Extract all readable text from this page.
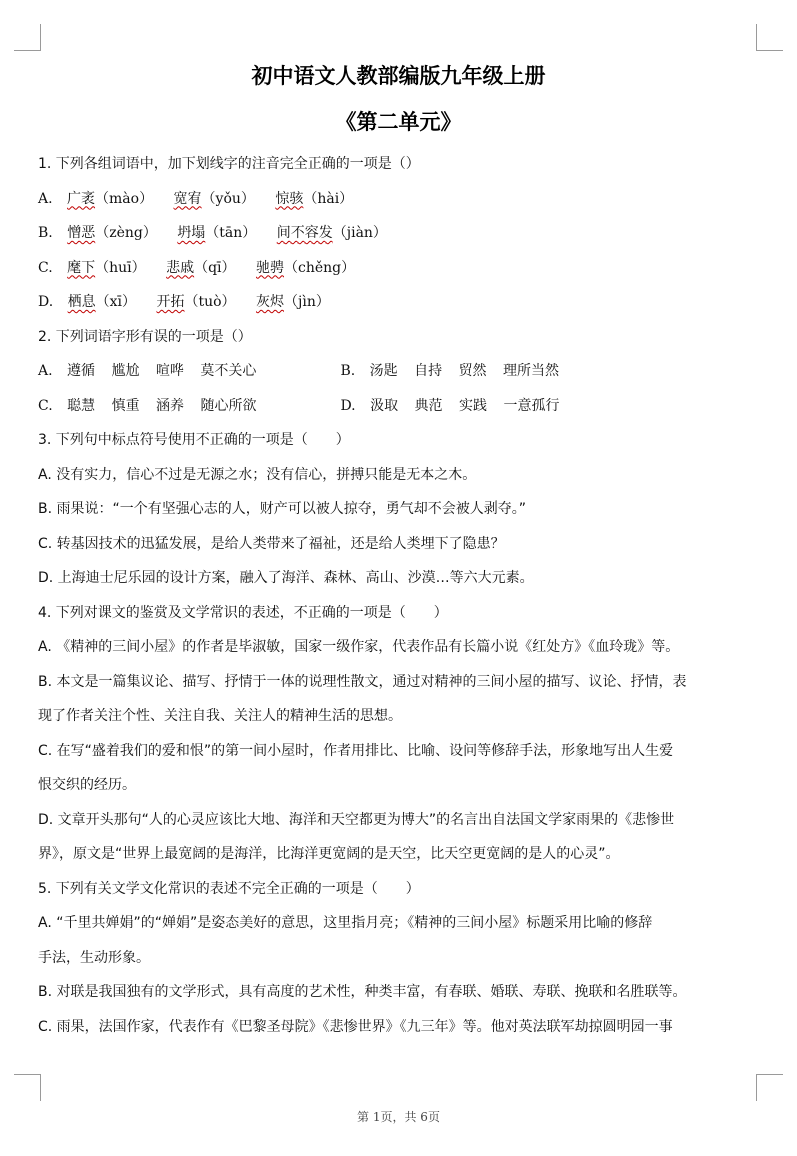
初中语文人教部编版九年级上册
《第二单元》
1. 下列各组词语中，加下划线字的注音完全正确的一项是（）
A. 广袤（mào） 宽宥（yǒu） 惊骇（hài）
B. 憎恶（zèng） 坍塌（tān） 间不容发（jiàn）
C. 麾下（huī） 悲戚（qī） 驰骋（chěng）
D. 栖息（xī） 开拓（tuò） 灰烬（jìn）
2. 下列词语字形有误的一项是（）
A. 遵循 尴尬 喧哗 莫不关心	B. 汤匙 自持 贸然 理所当然
C. 聪慧 慎重 涵养 随心所欲	D. 汲取 典范 实践 一意孤行
3. 下列句中标点符号使用不正确的一项是（　　）
A. 没有实力，信心不过是无源之水；没有信心，拼搏只能是无本之木。
B. 雨果说：“一个有坚强心志的人，财产可以被人掠夺，勇气却不会被人剥夺。”
C. 转基因技术的迅猛发展，是给人类带来了福祉，还是给人类埋下了隐患？
D. 上海迪士尼乐园的设计方案，融入了海洋、森林、高山、沙漠…等六大元素。
4. 下列对课文的鉴赏及文学常识的表述，不正确的一项是（　　）
A. 《精神的三间小屋》的作者是毕淑敏，国家一级作家，代表作品有长篇小说《红处方》《血玲珑》等。
B. 本文是一篇集议论、描写、抒情于一体的说理性散文，通过对精神的三间小屋的描写、议论、抒情，表
现了作者关注个性、关注自我、关注人的精神生活的思想。
C. 在写“盛着我们的爱和恨”的第一间小屋时，作者用排比、比喻、设问等修辞手法，形象地写出人生爱
恨交织的经历。
D. 文章开头那句“人的心灵应该比大地、海洋和天空都更为博大”的名言出自法国文学家雨果的《悲惨世
界》，原文是“世界上最宽阔的是海洋，比海洋更宽阔的是天空，比天空更宽阔的是人的心灵”。
5. 下列有关文学文化常识的表述不完全正确的一项是（　　）
A. “千里共婵娟”的“婵娟”是姿态美好的意思，这里指月亮；《精神的三间小屋》标题采用比喻的修辞
手法，生动形象。
B. 对联是我国独有的文学形式，具有高度的艺术性，种类丰富，有春联、婚联、寿联、挽联和名胜联等。
C. 雨果，法国作家，代表作有《巴黎圣母院》《悲惨世界》《九三年》等。他对英法联军劫掠圆明园一事
第 1页，共 6页
